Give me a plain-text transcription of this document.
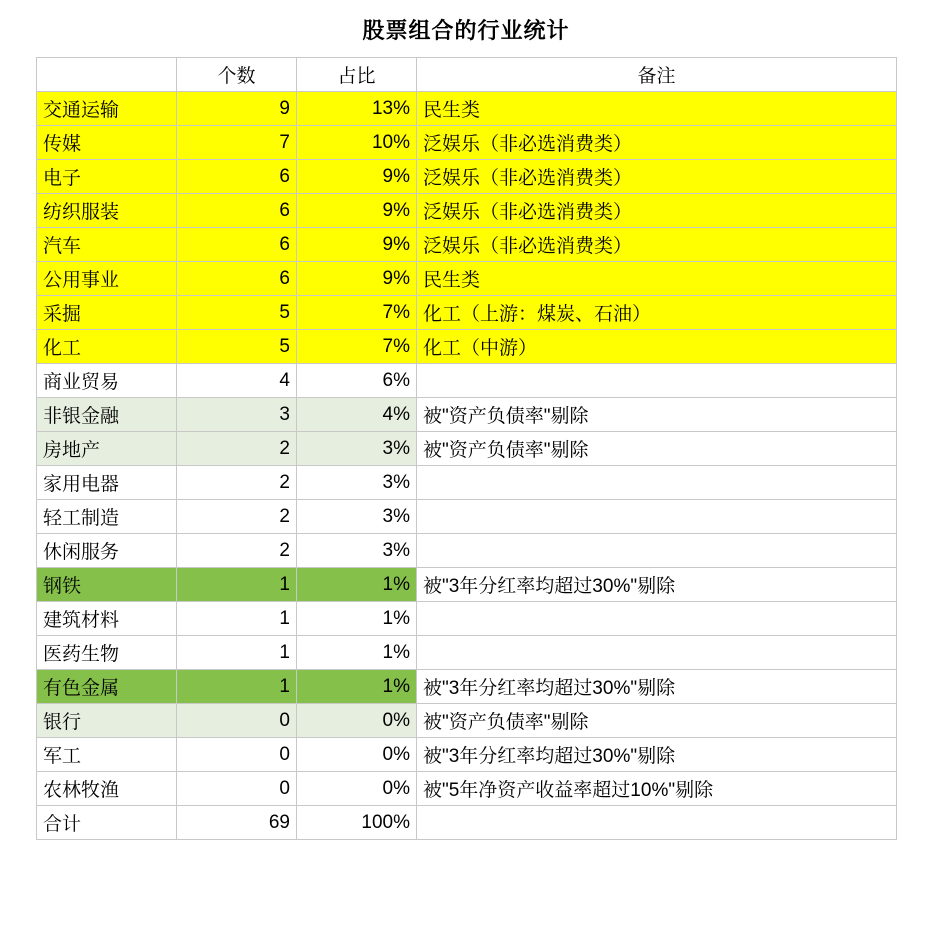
股票组合的行业统计
	个数	占比	备注
交通运输	9	13%	民生类
传媒	7	10%	泛娱乐（非必选消费类）
电子	6	9%	泛娱乐（非必选消费类）
纺织服装	6	9%	泛娱乐（非必选消费类）
汽车	6	9%	泛娱乐（非必选消费类）
公用事业	6	9%	民生类
采掘	5	7%	化工（上游：煤炭、石油）
化工	5	7%	化工（中游）
商业贸易	4	6%	
非银金融	3	4%	被"资产负债率"剔除
房地产	2	3%	被"资产负债率"剔除
家用电器	2	3%	
轻工制造	2	3%	
休闲服务	2	3%	
钢铁	1	1%	被"3年分红率均超过30%"剔除
建筑材料	1	1%	
医药生物	1	1%	
有色金属	1	1%	被"3年分红率均超过30%"剔除
银行	0	0%	被"资产负债率"剔除
军工	0	0%	被"3年分红率均超过30%"剔除
农林牧渔	0	0%	被"5年净资产收益率超过10%"剔除
合计	69	100%	
